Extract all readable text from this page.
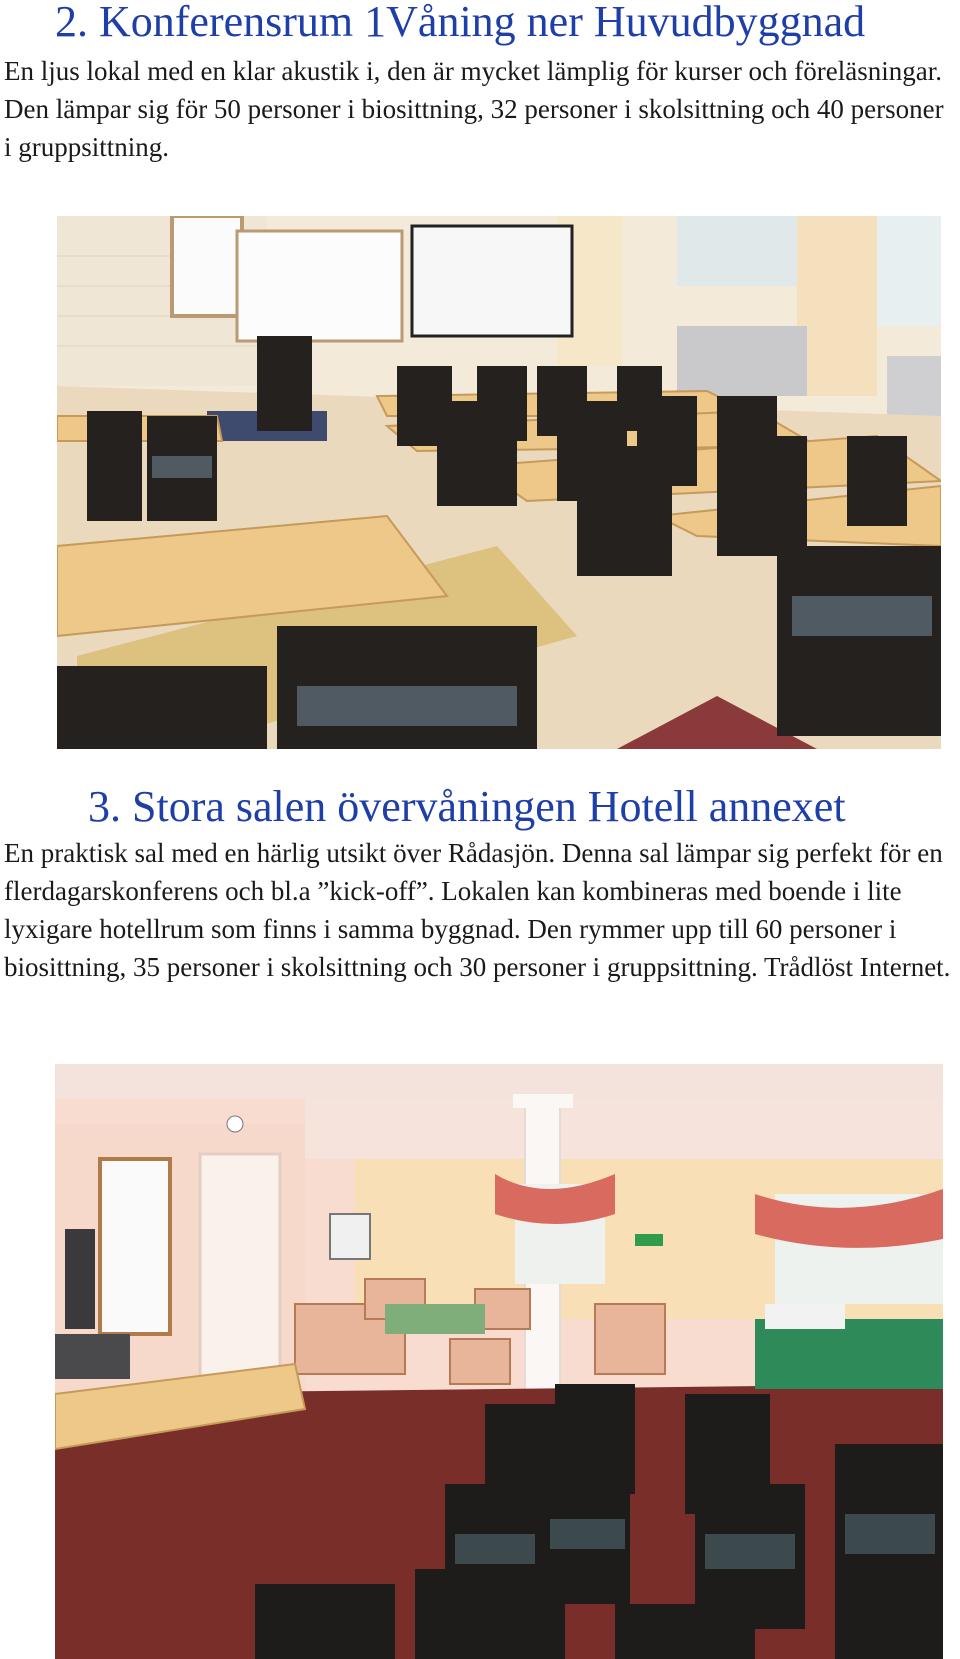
2. Konferensrum 1Våning ner Huvudbyggnad

En ljus lokal med en klar akustik i, den är mycket lämplig för kurser och föreläsningar. Den lämpar sig för 50 personer i biosittning, 32 personer i skolsittning och 40 personer i gruppsittning.

3. Stora salen övervåningen Hotell annexet

En praktisk sal med en härlig utsikt över Rådasjön. Denna sal lämpar sig perfekt för en flerdagarskonferens och bl.a ”kick-off”. Lokalen kan kombineras med boende i lite lyxigare hotellrum som finns i samma byggnad. Den rymmer upp till 60 personer i biosittning, 35 personer i skolsittning och 30 personer i gruppsittning. Trådlöst Internet.
